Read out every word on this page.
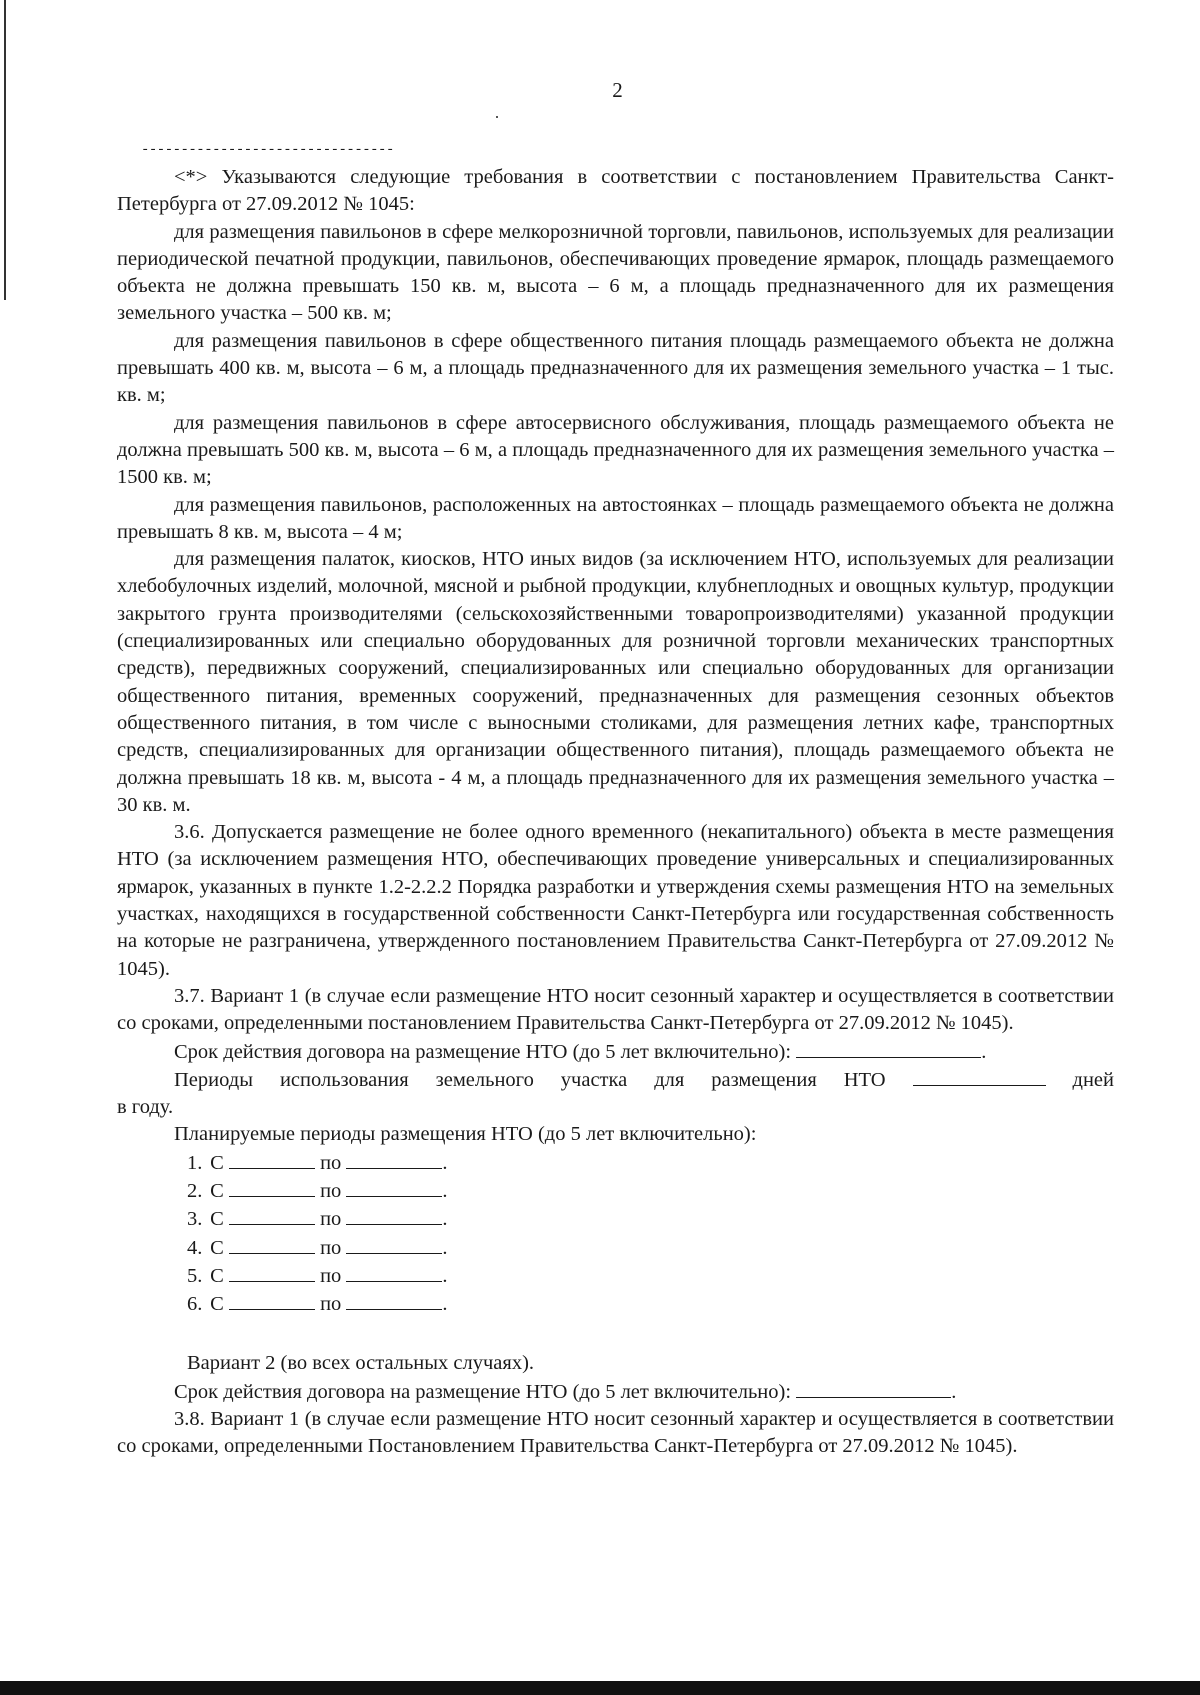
2
--------------------------------

<*> Указываются следующие требования в соответствии с постановлением Правительства Санкт-Петербурга от 27.09.2012 № 1045:

для размещения павильонов в сфере мелкорозничной торговли, павильонов, используемых для реализации периодической печатной продукции, павильонов, обеспечивающих проведение ярмарок, площадь размещаемого объекта не должна превышать 150 кв. м, высота – 6 м, а площадь предназначенного для их размещения земельного участка – 500 кв. м;

для размещения павильонов в сфере общественного питания площадь размещаемого объекта не должна превышать 400 кв. м, высота – 6 м, а площадь предназначенного для их размещения земельного участка – 1 тыс. кв. м;

для размещения павильонов в сфере автосервисного обслуживания, площадь размещаемого объекта не должна превышать 500 кв. м, высота – 6 м, а площадь предназначенного для их размещения земельного участка – 1500 кв. м;

для размещения павильонов, расположенных на автостоянках – площадь размещаемого объекта не должна превышать 8 кв. м, высота – 4 м;

для размещения палаток, киосков, НТО иных видов (за исключением НТО, используемых для реализации хлебобулочных изделий, молочной, мясной и рыбной продукции, клубнеплодных и овощных культур, продукции закрытого грунта производителями (сельскохозяйственными товаропроизводителями) указанной продукции (специализированных или специально оборудованных для розничной торговли механических транспортных средств), передвижных сооружений, специализированных или специально оборудованных для организации общественного питания, временных сооружений, предназначенных для размещения сезонных объектов общественного питания, в том числе с выносными столиками, для размещения летних кафе, транспортных средств, специализированных для организации общественного питания), площадь размещаемого объекта не должна превышать 18 кв. м, высота - 4 м, а площадь предназначенного для их размещения земельного участка – 30 кв. м.

3.6. Допускается размещение не более одного временного (некапитального) объекта в месте размещения НТО (за исключением размещения НТО, обеспечивающих проведение универсальных и специализированных ярмарок, указанных в пункте 1.2-2.2.2 Порядка разработки и утверждения схемы размещения НТО на земельных участках, находящихся в государственной собственности Санкт-Петербурга или государственная собственность на которые не разграничена, утвержденного постановлением Правительства Санкт-Петербурга от 27.09.2012 № 1045).

3.7. Вариант 1 (в случае если размещение НТО носит сезонный характер и осуществляется в соответствии со сроками, определенными постановлением Правительства Санкт-Петербурга от 27.09.2012 № 1045).

Срок действия договора на размещение НТО (до 5 лет включительно):	.

Периоды использования земельного участка для размещения НТО	дней

в году.

Планируемые периоды размещения НТО (до 5 лет включительно):

1. С	по	.
2. С	по	.
3. С	по	.
4. С	по	.
5. С	по	.
6. С	по	.

Вариант 2 (во всех остальных случаях).

Срок действия договора на размещение НТО (до 5 лет включительно):	.

3.8. Вариант 1 (в случае если размещение НТО носит сезонный характер и осуществляется в соответствии со сроками, определенными Постановлением Правительства Санкт-Петербурга от 27.09.2012 № 1045).
